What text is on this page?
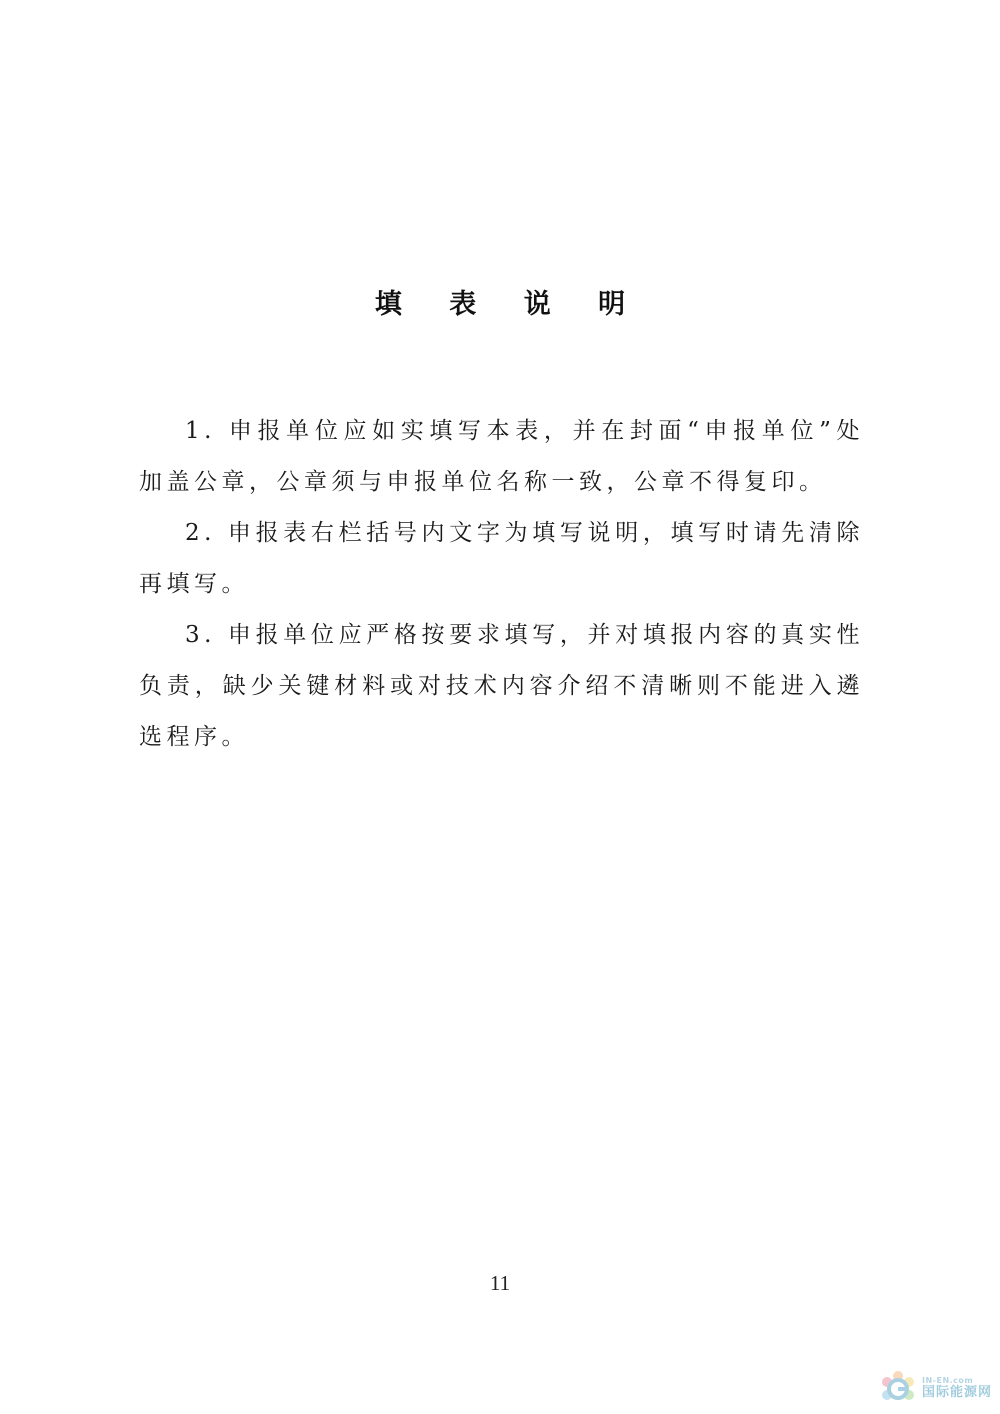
填 表 说 明

1. 申报单位应如实填写本表，并在封面“申报单位”处加盖公章，公章须与申报单位名称一致，公章不得复印。

2. 申报表右栏括号内文字为填写说明，填写时请先清除再填写。

3. 申报单位应严格按要求填写，并对填报内容的真实性负责，缺少关键材料或对技术内容介绍不清晰则不能进入遴选程序。

11
IN-EN.com
国际能源网
